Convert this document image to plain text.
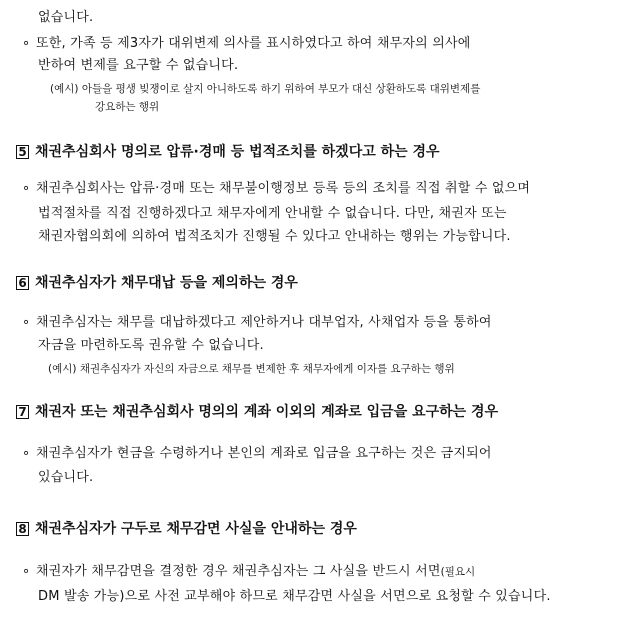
없습니다.
∘ 또한, 가족 등 제3자가 대위변제 의사를 표시하였다고 하여 채무자의 의사에
반하여 변제를 요구할 수 없습니다.
(예시) 아들을 평생 빚쟁이로 살지 아니하도록 하기 위하여 부모가 대신 상환하도록 대위변제를
강요하는 행위
5 채권추심회사 명의로 압류·경매 등 법적조치를 하겠다고 하는 경우
∘ 채권추심회사는 압류·경매 또는 채무불이행정보 등록 등의 조치를 직접 취할 수 없으며
법적절차를 직접 진행하겠다고 채무자에게 안내할 수 없습니다. 다만, 채권자 또는
채권자협의회에 의하여 법적조치가 진행될 수 있다고 안내하는 행위는 가능합니다.
6 채권추심자가 채무대납 등을 제의하는 경우
∘ 채권추심자는 채무를 대납하겠다고 제안하거나 대부업자, 사채업자 등을 통하여
자금을 마련하도록 권유할 수 없습니다.
(예시) 채권추심자가 자신의 자금으로 채무를 변제한 후 채무자에게 이자를 요구하는 행위
7 채권자 또는 채권추심회사 명의의 계좌 이외의 계좌로 입금을 요구하는 경우
∘ 채권추심자가 현금을 수령하거나 본인의 계좌로 입금을 요구하는 것은 금지되어
있습니다.
8 채권추심자가 구두로 채무감면 사실을 안내하는 경우
∘ 채권자가 채무감면을 결정한 경우 채권추심자는 그 사실을 반드시 서면(필요시
DM 발송 가능)으로 사전 교부해야 하므로 채무감면 사실을 서면으로 요청할 수 있습니다.
